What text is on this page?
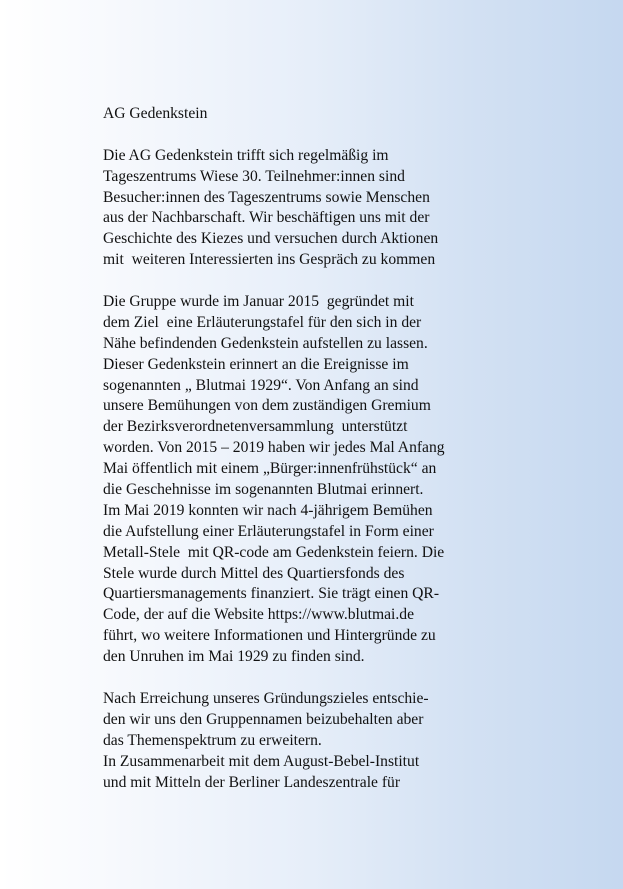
AG Gedenkstein
Die AG Gedenkstein trifft sich regelmäßig im
Tageszentrums Wiese 30. Teilnehmer:innen sind
Besucher:innen des Tageszentrums sowie Menschen
aus der Nachbarschaft. Wir beschäftigen uns mit der
Geschichte des Kiezes und versuchen durch Aktionen
mit  weiteren Interessierten ins Gespräch zu kommen
Die Gruppe wurde im Januar 2015  gegründet mit
dem Ziel  eine Erläuterungstafel für den sich in der
Nähe befindenden Gedenkstein aufstellen zu lassen.
Dieser Gedenkstein erinnert an die Ereignisse im
sogenannten „ Blutmai 1929“. Von Anfang an sind
unsere Bemühungen von dem zuständigen Gremium
der Bezirksverordnetenversammlung  unterstützt
worden. Von 2015 – 2019 haben wir jedes Mal Anfang
Mai öffentlich mit einem „Bürger:innenfrühstück“ an
die Geschehnisse im sogenannten Blutmai erinnert.
Im Mai 2019 konnten wir nach 4-jährigem Bemühen
die Aufstellung einer Erläuterungstafel in Form einer
Metall-Stele  mit QR-code am Gedenkstein feiern. Die
Stele wurde durch Mittel des Quartiersfonds des
Quartiersmanagements finanziert. Sie trägt einen QR-
Code, der auf die Website https://www.blutmai.de
führt, wo weitere Informationen und Hintergründe zu
den Unruhen im Mai 1929 zu finden sind.
Nach Erreichung unseres Gründungszieles entschie-
den wir uns den Gruppennamen beizubehalten aber
das Themenspektrum zu erweitern.
In Zusammenarbeit mit dem August-Bebel-Institut
und mit Mitteln der Berliner Landeszentrale für
